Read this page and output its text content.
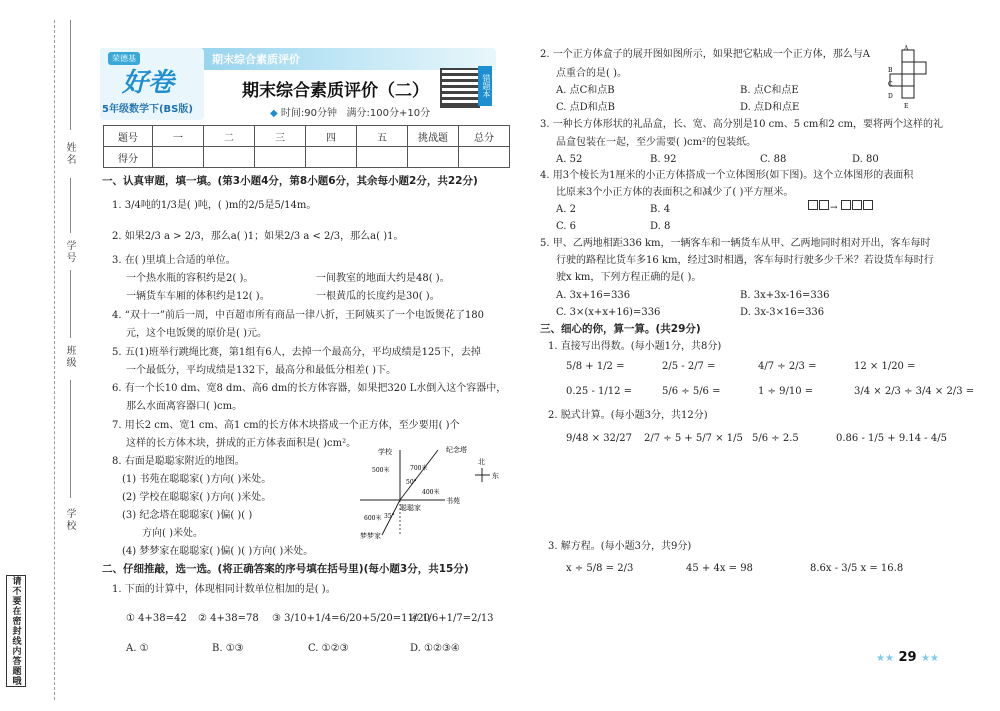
姓名
学号
班级
学校
请不要在密封线内答题哦
荣德基
好卷
5年级数学下(BS版)
期末综合素质评价
期末综合素质评价（二）
◆ 时间:90分钟 满分:100分+10分
错题本
题号	一	二	三	四	五	挑战题	总分
得分							
一、认真审题，填一填。(第3小题4分，第8小题6分，其余每小题2分，共22分)
1. 3/4吨的1/3是( )吨，( )m的2/5是5/14m。
2. 如果2/3 a > 2/3，那么a( )1；如果2/3 a < 2/3，那么a( )1。
3. 在( )里填上合适的单位。
一个热水瓶的容积约是2( )。	一间教室的地面大约是48( )。
一辆货车车厢的体积约是12( )。	一根黄瓜的长度约是30( )。
4. “双十一”前后一周，中百超市所有商品一律八折，王阿姨买了一个电饭煲花了180
元，这个电饭煲的原价是( )元。
5. 五(1)班举行跳绳比赛，第1组有6人，去掉一个最高分，平均成绩是125下，去掉
一个最低分，平均成绩是132下，最高分和最低分相差( )下。
6. 有一个长10 dm、宽8 dm、高6 dm的长方体容器，如果把320 L水倒入这个容器中，
那么水面离容器口( )cm。
7. 用长2 cm、宽1 cm、高1 cm的长方体木块搭成一个正方体，至少要用( )个
这样的长方体木块，拼成的正方体表面积是( )cm²。
8. 右面是聪聪家附近的地图。
(1) 书苑在聪聪家( )方向( )米处。
(2) 学校在聪聪家( )方向( )米处。
(3) 纪念塔在聪聪家( )偏( )( )
方向( )米处。
(4) 梦梦家在聪聪家( )偏( )( )方向( )米处。
学校	纪念塔
500米	700米
400米
聪聪家
书苑
600米
梦梦家
50°
35°
北
东
二、仔细推敲，选一选。(将正确答案的序号填在括号里)(每小题3分，共15分)
1. 下面的计算中，体现相同计数单位相加的是( )。
① 4+38=42 ② 4+38=78 ③ 3/10+1/4=6/20+5/20=11/20
④ 1/6+1/7=2/13
A. ①	B. ①③	C. ①②③	D. ①②③④
2. 一个正方体盒子的展开图如图所示，如果把它粘成一个正方体，那么与A
点重合的是( )。
A. 点C和点B	B. 点C和点E
C. 点D和点B	D. 点D和点E
A
B
C
D
E
3. 一种长方体形状的礼品盒，长、宽、高分别是10 cm、5 cm和2 cm，要将两个这样的礼
品盒包装在一起，至少需要( )cm²的包装纸。
A. 52	B. 92	C. 88	D. 80
4. 用3个棱长为1厘米的小正方体搭成一个立体图形(如下图)。这个立体图形的表面积
比原来3个小正方体的表面积之和减少了( )平方厘米。
A. 2	B. 4
C. 6	D. 8
→
5. 甲、乙两地相距336 km，一辆客车和一辆货车从甲、乙两地同时相对开出，客车每时
行驶的路程比货车多16 km，经过3时相遇，客车每时行驶多少千米？若设货车每时行
驶x km，下列方程正确的是( )。
A. 3x+16=336	B. 3x+3x-16=336
C. 3×(x+x+16)=336	D. 3x-3×16=336
三、细心的你，算一算。(共29分)
1. 直接写出得数。(每小题1分，共8分)
5/8 + 1/2 =	2/5 - 2/7 =	4/7 ÷ 2/3 =	12 × 1/20 =
0.25 - 1/12 =	5/6 ÷ 5/6 =	1 ÷ 9/10 =	3/4 × 2/3 ÷ 3/4 × 2/3 =
2. 脱式计算。(每小题3分，共12分)
9/48 × 32/27 2/7 ÷ 5 + 5/7 × 1/5 5/6 ÷ 2.5	0.86 - 1/5 + 9.14 - 4/5
3. 解方程。(每小题3分，共9分)
x ÷ 5/8 = 2/3	45 + 4x = 98	8.6x - 3/5 x = 16.8
★★ 29 ★★
